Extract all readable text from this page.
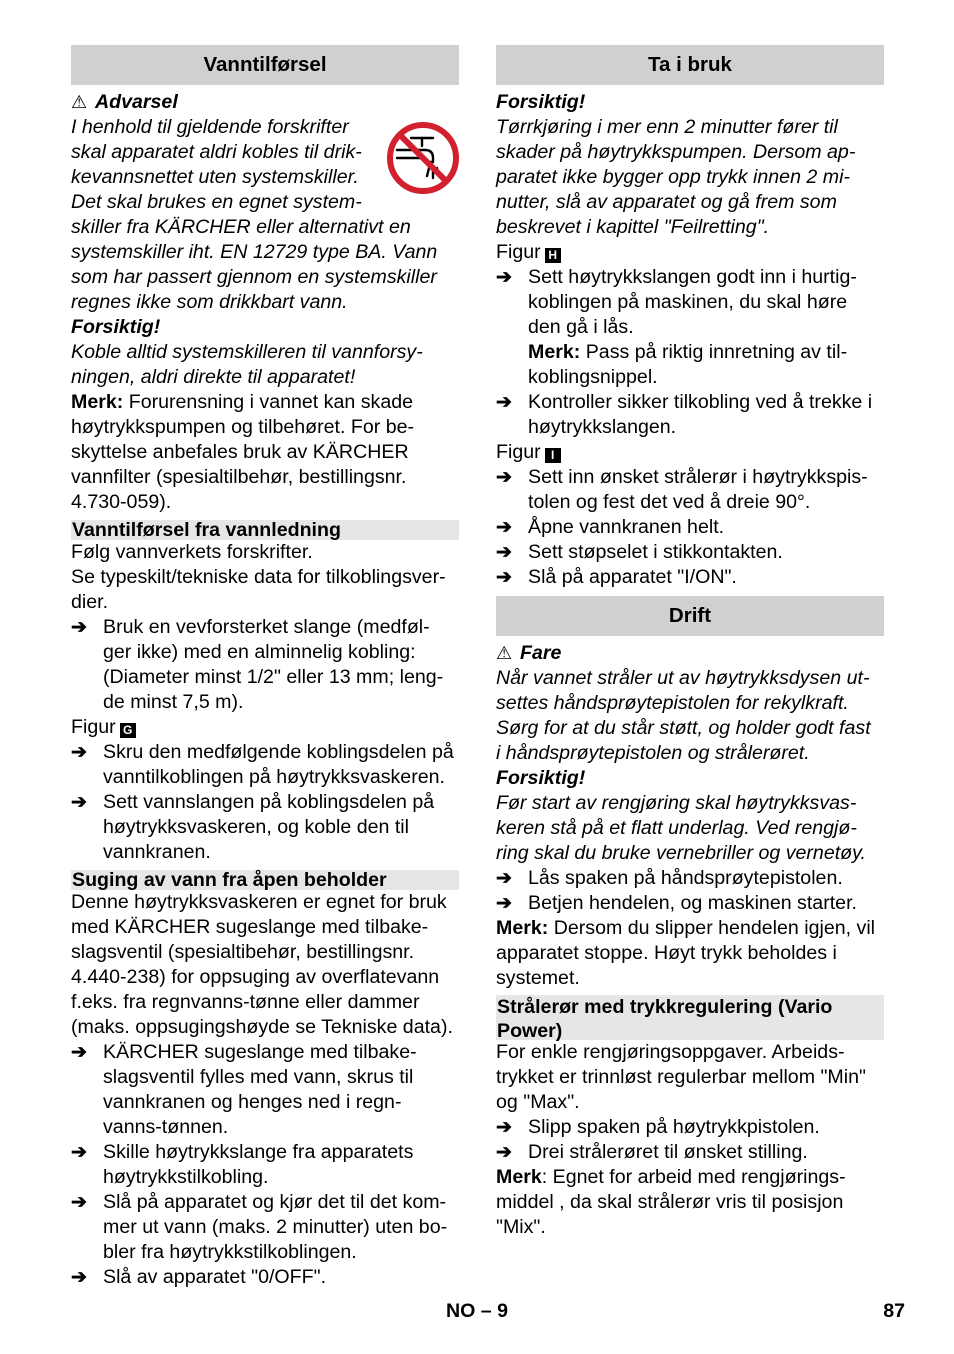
Vanntilførsel
⚠ Advarsel
I henhold til gjeldende forskrifter
skal apparatet aldri kobles til drik-
kevannsnettet uten systemskiller.
Det skal brukes en egnet system-
skiller fra KÄRCHER eller alternativt en
systemskiller iht. EN 12729 type BA. Vann
som har passert gjennom en systemskiller
regnes ikke som drikkbart vann.
Forsiktig!
Koble alltid systemskilleren til vannforsy-
ningen, aldri direkte til apparatet!
Merk: Forurensning i vannet kan skade
høytrykkspumpen og tilbehøret. For be-
skyttelse anbefales bruk av KÄRCHER
vannfilter (spesialtilbehør, bestillingsnr.
4.730-059).
Vanntilførsel fra vannledning
Følg vannverkets forskrifter.
Se typeskilt/tekniske data for tilkoblingsver-
dier.
➔ Bruk en vevforsterket slange (medføl-
ger ikke) med en alminnelig kobling:
(Diameter minst 1/2" eller 13 mm; leng-
de minst 7,5 m).
Figur G
➔ Skru den medfølgende koblingsdelen på
vanntilkoblingen på høytrykksvaskeren.
➔ Sett vannslangen på koblingsdelen på
høytrykksvaskeren, og koble den til
vannkranen.
Suging av vann fra åpen beholder
Denne høytrykksvaskeren er egnet for bruk
med KÄRCHER sugeslange med tilbake-
slagsventil (spesialtibehør, bestillingsnr.
4.440-238) for oppsuging av overflatevann
f.eks. fra regnvanns-tønne eller dammer
(maks. oppsugingshøyde se Tekniske data).
➔ KÄRCHER sugeslange med tilbake-
slagsventil fylles med vann, skrus til
vannkranen og henges ned i regn-
vanns-tønnen.
➔ Skille høytrykkslange fra apparatets
høytrykkstilkobling.
➔ Slå på apparatet og kjør det til det kom-
mer ut vann (maks. 2 minutter) uten bo-
bler fra høytrykkstilkoblingen.
➔ Slå av apparatet "0/OFF".
Ta i bruk
Forsiktig!
Tørrkjøring i mer enn 2 minutter fører til
skader på høytrykkspumpen. Dersom ap-
paratet ikke bygger opp trykk innen 2 mi-
nutter, slå av apparatet og gå frem som
beskrevet i kapittel "Feilretting".
Figur H
➔ Sett høytrykkslangen godt inn i hurtig-
koblingen på maskinen, du skal høre
den gå i lås.
Merk: Pass på riktig innretning av til-
koblingsnippel.
➔ Kontroller sikker tilkobling ved å trekke i
høytrykkslangen.
Figur I
➔ Sett inn ønsket strålerør i høytrykkspis-
tolen og fest det ved å dreie 90°.
➔ Åpne vannkranen helt.
➔ Sett støpselet i stikkontakten.
➔ Slå på apparatet "I/ON".
Drift
⚠ Fare
Når vannet stråler ut av høytrykksdysen ut-
settes håndsprøytepistolen for rekylkraft.
Sørg for at du står støtt, og holder godt fast
i håndsprøytepistolen og strålerøret.
Forsiktig!
Før start av rengjøring skal høytrykksvas-
keren stå på et flatt underlag. Ved rengjø-
ring skal du bruke vernebriller og vernetøy.
➔ Lås spaken på håndsprøytepistolen.
➔ Betjen hendelen, og maskinen starter.
Merk: Dersom du slipper hendelen igjen, vil
apparatet stoppe. Høyt trykk beholdes i
systemet.
Strålerør med trykkregulering (Vario
Power)
For enkle rengjøringsoppgaver. Arbeids-
trykket er trinnløst regulerbar mellom "Min"
og "Max".
➔ Slipp spaken på høytrykkpistolen.
➔ Drei strålerøret til ønsket stilling.
Merk: Egnet for arbeid med rengjørings-
middel , da skal strålerør vris til posisjon
"Mix".
NO – 9	87
